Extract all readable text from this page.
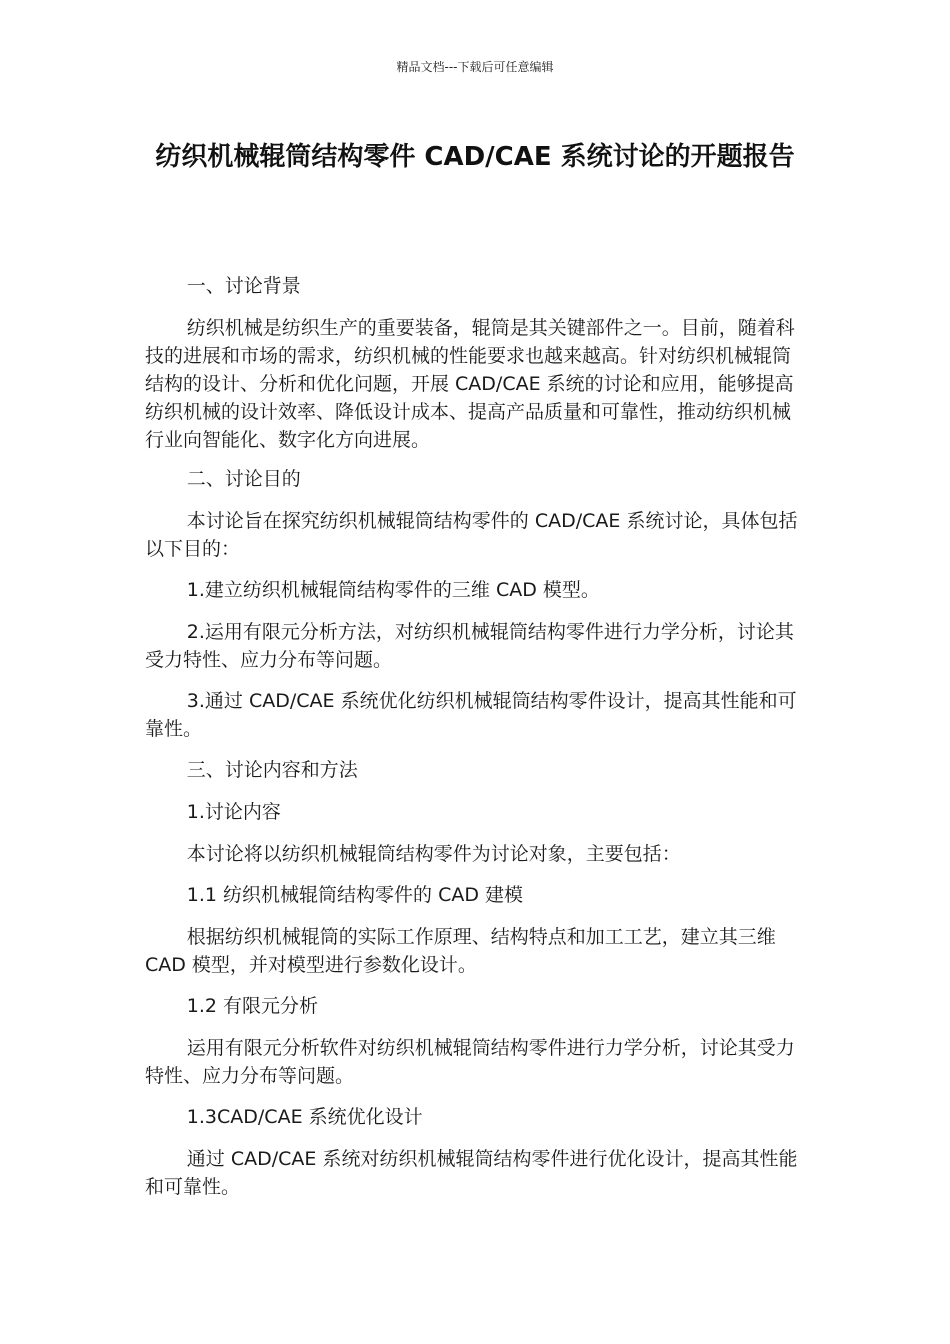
精品文档---下载后可任意编辑
纺织机械辊筒结构零件 CAD/CAE 系统讨论的开题报告

一、讨论背景

纺织机械是纺织生产的重要装备，辊筒是其关键部件之一。目前，随着科技的进展和市场的需求，纺织机械的性能要求也越来越高。针对纺织机械辊筒结构的设计、分析和优化问题，开展 CAD/CAE 系统的讨论和应用，能够提高纺织机械的设计效率、降低设计成本、提高产品质量和可靠性，推动纺织机械行业向智能化、数字化方向进展。

二、讨论目的

本讨论旨在探究纺织机械辊筒结构零件的 CAD/CAE 系统讨论，具体包括以下目的：

1.建立纺织机械辊筒结构零件的三维 CAD 模型。

2.运用有限元分析方法，对纺织机械辊筒结构零件进行力学分析，讨论其受力特性、应力分布等问题。

3.通过 CAD/CAE 系统优化纺织机械辊筒结构零件设计，提高其性能和可靠性。

三、讨论内容和方法

1.讨论内容

本讨论将以纺织机械辊筒结构零件为讨论对象，主要包括：

1.1 纺织机械辊筒结构零件的 CAD 建模

根据纺织机械辊筒的实际工作原理、结构特点和加工工艺，建立其三维 CAD 模型，并对模型进行参数化设计。

1.2 有限元分析

运用有限元分析软件对纺织机械辊筒结构零件进行力学分析，讨论其受力特性、应力分布等问题。

1.3CAD/CAE 系统优化设计

通过 CAD/CAE 系统对纺织机械辊筒结构零件进行优化设计，提高其性能和可靠性。
